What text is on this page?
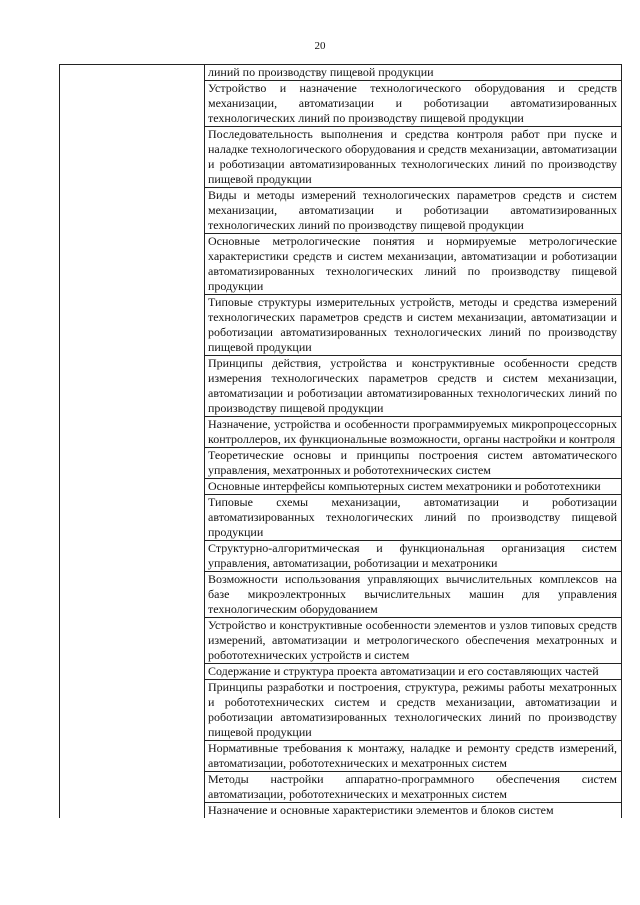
20
	линий по производству пищевой продукции
Устройство и назначение технологического оборудования и средств механизации, автоматизации и роботизации автоматизированных технологических линий по производству пищевой продукции
Последовательность выполнения и средства контроля работ при пуске и наладке технологического оборудования и средств механизации, автоматизации и роботизации автоматизированных технологических линий по производству пищевой продукции
Виды и методы измерений технологических параметров средств и систем механизации, автоматизации и роботизации автоматизированных технологических линий по производству пищевой продукции
Основные метрологические понятия и нормируемые метрологические характеристики средств и систем механизации, автоматизации и роботизации автоматизированных технологических линий по производству пищевой продукции
Типовые структуры измерительных устройств, методы и средства измерений технологических параметров средств и систем механизации, автоматизации и роботизации автоматизированных технологических линий по производству пищевой продукции
Принципы действия, устройства и конструктивные особенности средств измерения технологических параметров средств и систем механизации, автоматизации и роботизации автоматизированных технологических линий по производству пищевой продукции
Назначение, устройства и особенности программируемых микропроцессорных контроллеров, их функциональные возможности, органы настройки и контроля
Теоретические основы и принципы построения систем автоматического управления, мехатронных и робототехнических систем
Основные интерфейсы компьютерных систем мехатроники и робототехники
Типовые схемы механизации, автоматизации и роботизации автоматизированных технологических линий по производству пищевой продукции
Структурно-алгоритмическая и функциональная организация систем управления, автоматизации, роботизации и мехатроники
Возможности использования управляющих вычислительных комплексов на базе микроэлектронных вычислительных машин для управления технологическим оборудованием
Устройство и конструктивные особенности элементов и узлов типовых средств измерений, автоматизации и метрологического обеспечения мехатронных и робототехнических устройств и систем
Содержание и структура проекта автоматизации и его составляющих частей
Принципы разработки и построения, структура, режимы работы мехатронных и робототехнических систем и средств механизации, автоматизации и роботизации автоматизированных технологических линий по производству пищевой продукции
Нормативные требования к монтажу, наладке и ремонту средств измерений, автоматизации, робототехнических и мехатронных систем
Методы настройки аппаратно-программного обеспечения систем автоматизации, робототехнических и мехатронных систем
Назначение и основные характеристики элементов и блоков систем
